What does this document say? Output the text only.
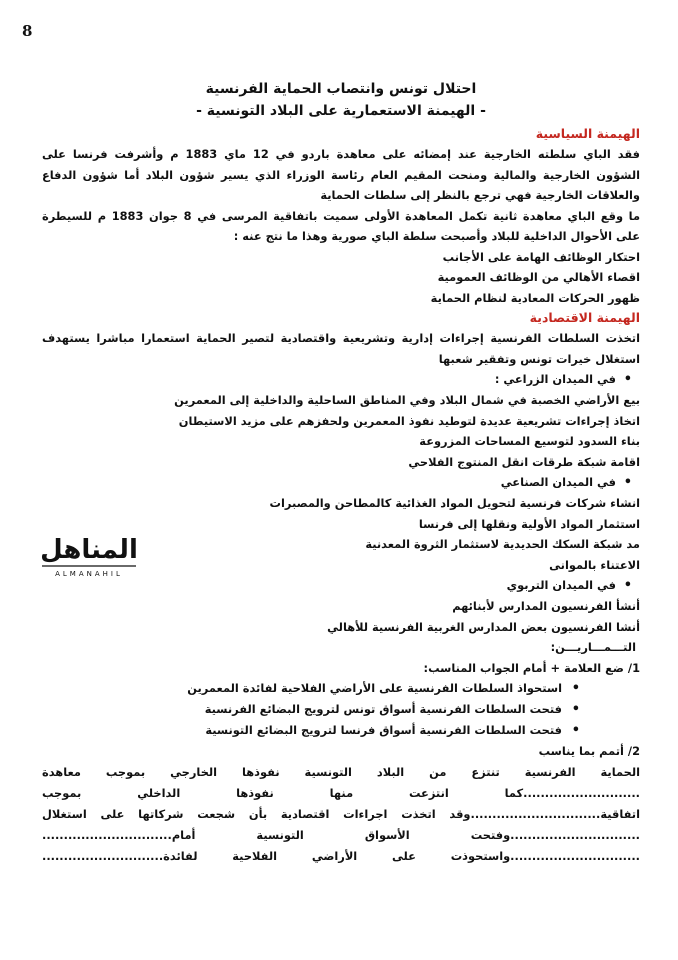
8

احتلال تونس وانتصاب الحماية الفرنسية

- الهيمنة الاستعمارية على البلاد التونسية -

الهيمنة السياسية

فقد الباي سلطته الخارجية عند إمضائه على معاهدة باردو في 12 ماي 1883 م وأشرفت فرنسا على الشؤون الخارجية والمالية ومنحت المقيم العام رئاسة الوزراء الذي يسير شؤون البلاد أما شؤون الدفاع والعلاقات الخارجية فهي ترجع بالنظر إلى سلطات الحماية

ما وقع الباي معاهدة ثانية تكمل المعاهدة الأولى سميت باتفاقية المرسى في 8 جوان 1883 م للسيطرة على الأحوال الداخلية للبلاد وأصبحت سلطة الباي صورية وهذا ما نتج عنه :

احتكار الوظائف الهامة على الأجانب

اقصاء الأهالي من الوظائف العمومية

ظهور الحركات المعادية لنظام الحماية

الهيمنة الاقتصادية

اتخذت السلطات الفرنسية إجراءات إدارية وتشريعية واقتصادية لتصير الحماية استعمارا مباشرا يستهدف استغلال خيرات تونس وتفقير شعبها

•في الميدان الزراعي :

بيع الأراضي الخصبة في شمال البلاد وفي المناطق الساحلية والداخلية إلى المعمرين

اتخاذ إجراءات تشريعية عديدة لتوطيد نفوذ المعمرين ولحفزهم على مزيد الاستيطان

بناء السدود لتوسيع المساحات المزروعة

اقامة شبكة طرقات انقل المنتوج الفلاحي

•في الميدان الصناعي

انشاء شركات فرنسية لتحويل المواد الغذائية كالمطاحن والمصبرات

استثمار المواد الأولية ونقلها إلى فرنسا

مد شبكة السكك الحديدية لاستثمار الثروة المعدنية

الاعتناء بالموانى

•في الميدان التربوي

أنشأ الفرنسيون المدارس لأبنائهم

أنشا الفرنسيون بعض المدارس الغربية الفرنسية للأهالي

التـــمـــاريـــن:

1/ ضع العلامة + أمام الجواب المناسب:

•استحواذ السلطات الفرنسية على الأراضي الفلاحية لفائدة المعمرين

•فتحت السلطات الفرنسية أسواق تونس لترويج البضائع الفرنسية

•فتحت السلطات الفرنسية أسواق فرنسا لترويج البضائع التونسية

2/ أتمم بما يناسب

الحماية الفرنسية تنتزع من البلاد التونسية نفوذها الخارجي بموجب معاهدة

...........................كما انتزعت منها نفوذها الداخلي بموجب

اتفاقية..............................وقد اتخذت اجراءات اقتصادية بأن شجعت شركاتها على استغلال

..............................وفتحت الأسواق التونسية أمام..............................

..............................واستحوذت على الأراضي الفلاحية لفائدة............................

المناهل
ALMANAHIL
